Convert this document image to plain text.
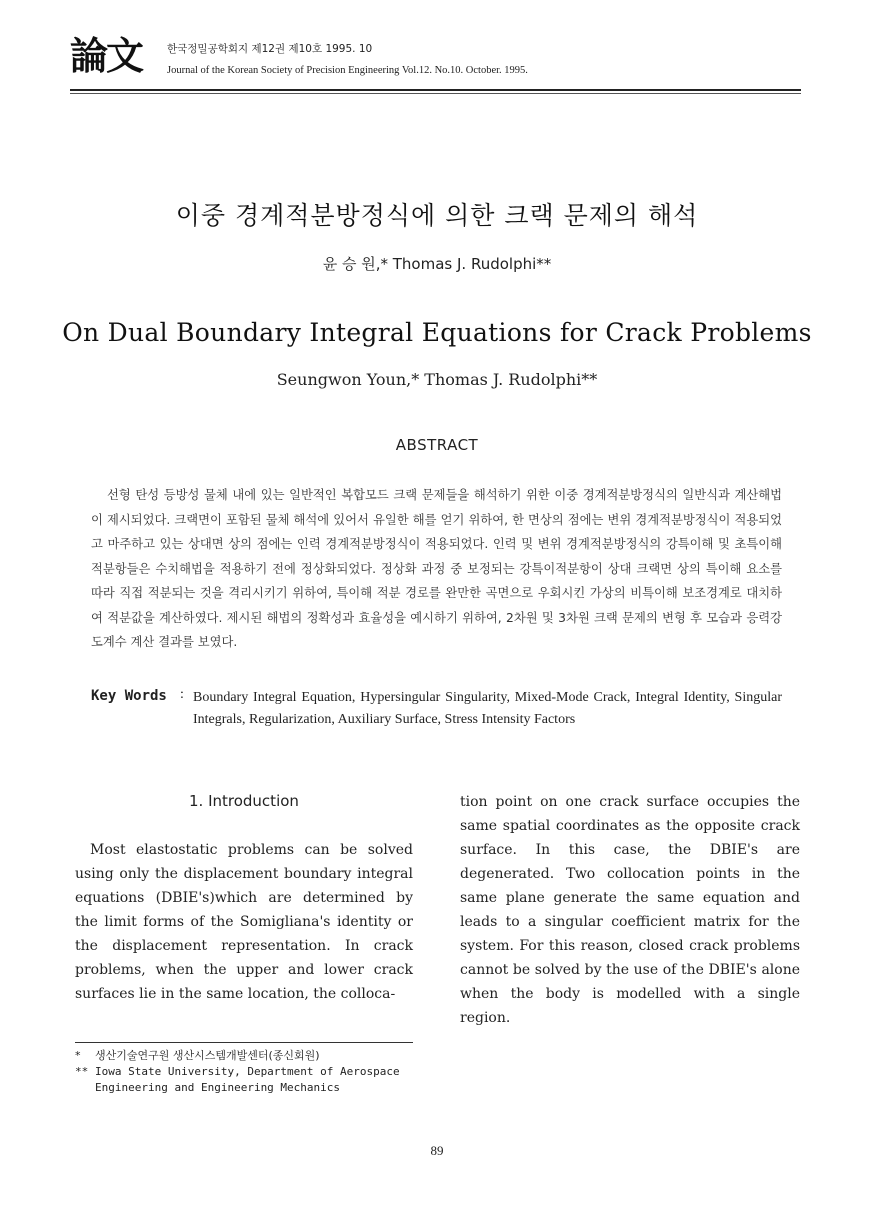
論文	한국정밀공학회지 제12권 제10호 1995. 10
Journal of the Korean Society of Precision Engineering Vol.12. No.10. October. 1995.
이중 경계적분방정식에 의한 크랙 문제의 해석
윤 승 원,* Thomas J. Rudolphi**
On Dual Boundary Integral Equations for Crack Problems
Seungwon Youn,* Thomas J. Rudolphi**
ABSTRACT
선형 탄성 등방성 물체 내에 있는 일반적인 복합모드 크랙 문제들을 해석하기 위한 이중 경계적분방정식의 일반식과 계산해법이 제시되었다. 크랙면이 포함된 물체 해석에 있어서 유일한 해를 얻기 위하여, 한 면상의 점에는 변위 경계적분방정식이 적용되었고 마주하고 있는 상대면 상의 점에는 인력 경계적분방정식이 적용되었다. 인력 및 변위 경계적분방정식의 강특이해 및 초특이해 적분항들은 수치해법을 적용하기 전에 정상화되었다. 정상화 과정 중 보정되는 강특이적분항이 상대 크랙면 상의 특이해 요소를 따라 직접 적분되는 것을 격리시키기 위하여, 특이해 적분 경로를 완만한 곡면으로 우회시킨 가상의 비특이해 보조경계로 대치하여 적분값을 계산하였다. 제시된 해법의 정확성과 효율성을 예시하기 위하여, 2차원 및 3차원 크랙 문제의 변형 후 모습과 응력강도계수 계산 결과를 보였다.
Key Words : Boundary Integral Equation, Hypersingular Singularity, Mixed-Mode Crack, Integral Identity, Singular Integrals, Regularization, Auxiliary Surface, Stress Intensity Factors
1. Introduction
Most elastostatic problems can be solved using only the displacement boundary integral equations (DBIE's)which are determined by the limit forms of the Somigliana's identity or the displacement representation. In crack problems, when the upper and lower crack surfaces lie in the same location, the colloca-
tion point on one crack surface occupies the same spatial coordinates as the opposite crack surface. In this case, the DBIE's are degenerated. Two collocation points in the same plane generate the same equation and leads to a singular coefficient matrix for the system. For this reason, closed crack problems cannot be solved by the use of the DBIE's alone when the body is modelled with a single region.
* 생산기술연구원 생산시스템개발센터(종신회원)
** Iowa State University, Department of Aerospace Engineering and Engineering Mechanics
89
